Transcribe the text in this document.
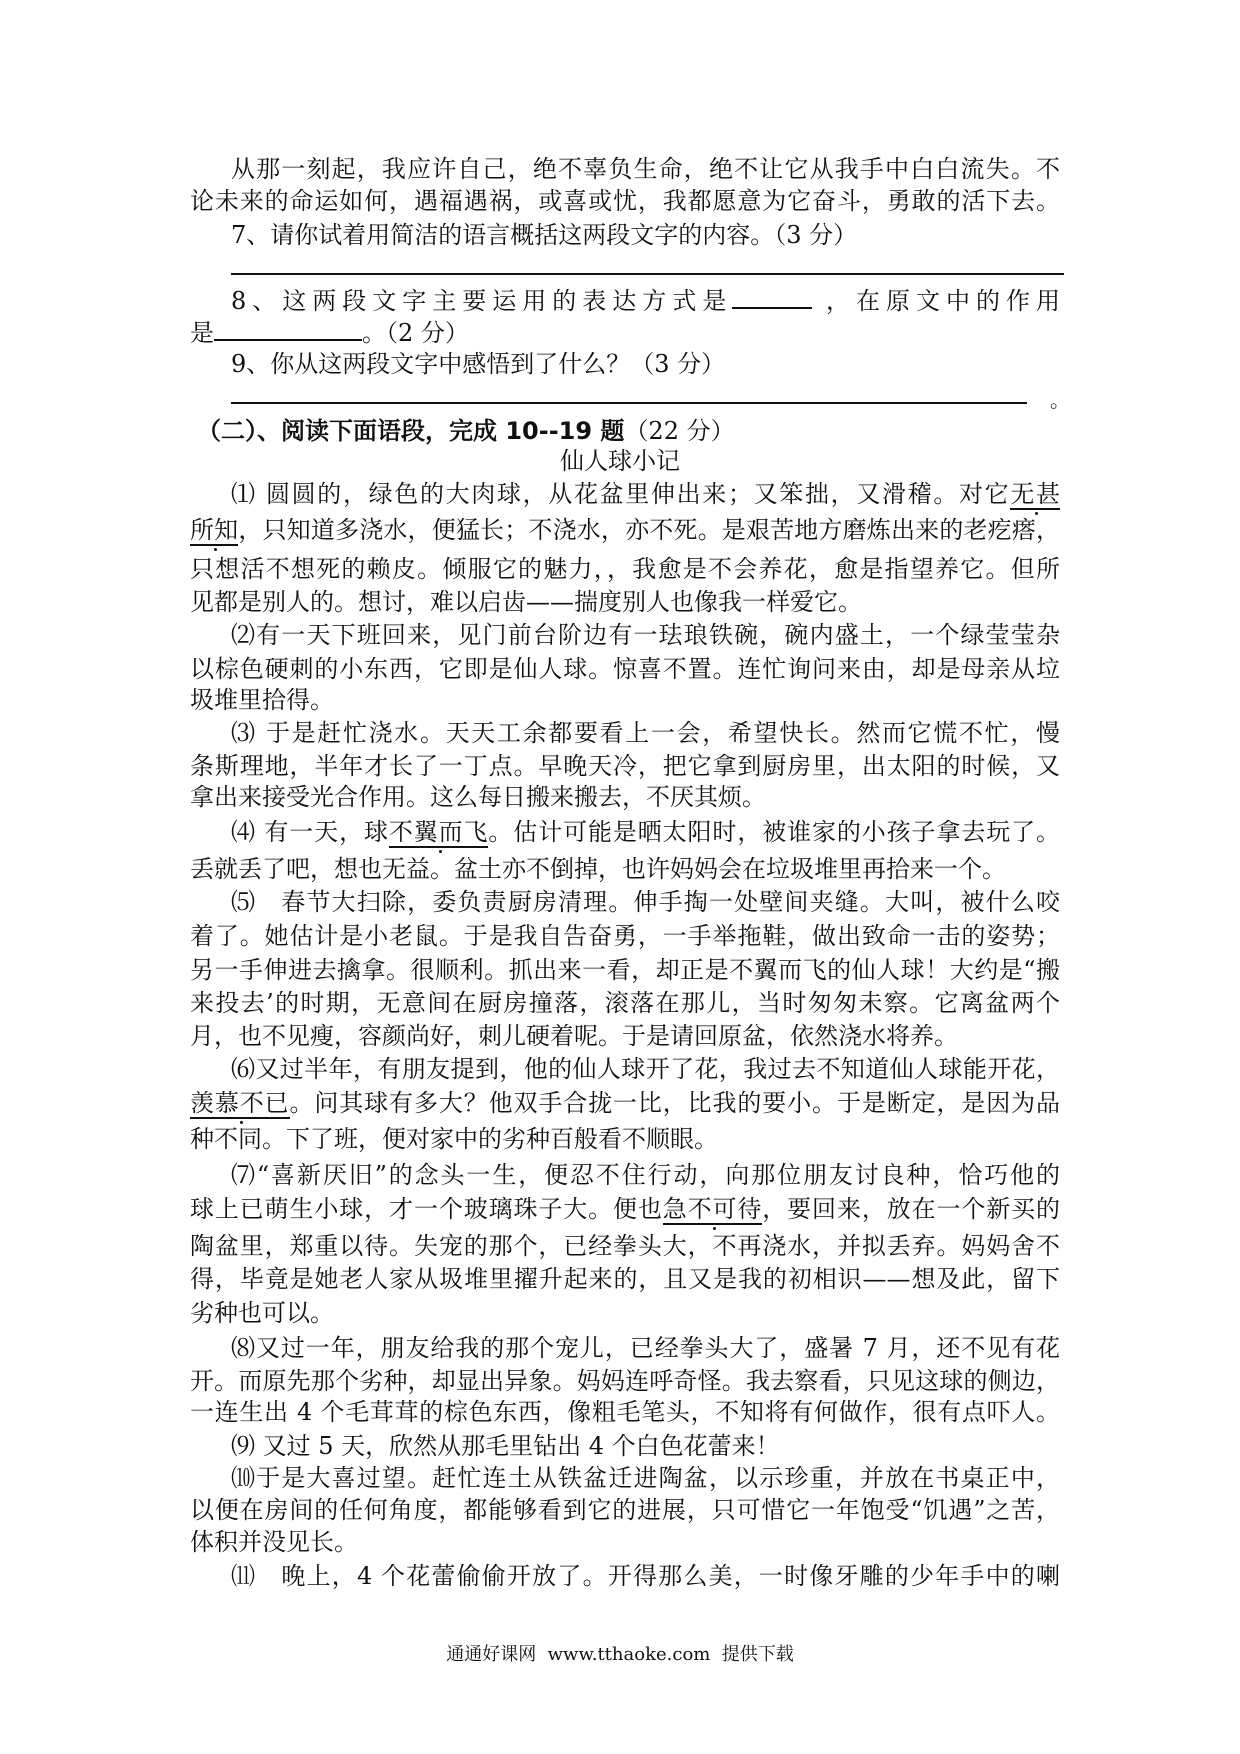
从那一刻起，我应许自己，绝不辜负生命，绝不让它从我手中白白流失。不
论未来的命运如何，遇福遇祸，或喜或忧，我都愿意为它奋斗，勇敢的活下去。
7、请你试着用简洁的语言概括这两段文字的内容。（3 分）
8、这两段文字主要运用的表达方式是	，在原文中的作用
是	。（2 分）
9、你从这两段文字中感悟到了什么？（3 分）
。
（二）、阅读下面语段，完成 10--19 题（22 分）
仙人球小记
⑴ 圆圆的，绿色的大肉球，从花盆里伸出来；又笨拙，又滑稽。对它无甚
所知，只知道多浇水，便猛长；不浇水，亦不死。是艰苦地方磨炼出来的老疙瘩，
只想活不想死的赖皮。倾服它的魅力，，我愈是不会养花，愈是指望养它。但所
见都是别人的。想讨，难以启齿——揣度别人也像我一样爱它。
⑵有一天下班回来，见门前台阶边有一珐琅铁碗，碗内盛土，一个绿莹莹杂
以棕色硬刺的小东西，它即是仙人球。惊喜不置。连忙询问来由，却是母亲从垃
圾堆里拾得。
⑶ 于是赶忙浇水。天天工余都要看上一会，希望快长。然而它慌不忙，慢
条斯理地，半年才长了一丁点。早晚天冷，把它拿到厨房里，出太阳的时候，又
拿出来接受光合作用。这么每日搬来搬去，不厌其烦。
⑷ 有一天，球不翼而飞。估计可能是晒太阳时，被谁家的小孩子拿去玩了。
丢就丢了吧，想也无益。盆土亦不倒掉，也许妈妈会在垃圾堆里再拾来一个。
⑸　春节大扫除，委负责厨房清理。伸手掏一处壁间夹缝。大叫，被什么咬
着了。她估计是小老鼠。于是我自告奋勇，一手举拖鞋，做出致命一击的姿势；
另一手伸进去擒拿。很顺利。抓出来一看，却正是不翼而飞的仙人球！大约是“搬
来投去’的时期，无意间在厨房撞落，滚落在那儿，当时匆匆未察。它离盆两个
月，也不见瘦，容颜尚好，刺儿硬着呢。于是请回原盆，依然浇水将养。
⑹又过半年，有朋友提到，他的仙人球开了花，我过去不知道仙人球能开花，
羡慕不已。问其球有多大？他双手合拢一比，比我的要小。于是断定，是因为品
种不同。下了班，便对家中的劣种百般看不顺眼。
⑺“喜新厌旧”的念头一生，便忍不住行动，向那位朋友讨良种，恰巧他的
球上已萌生小球，才一个玻璃珠子大。便也急不可待，要回来，放在一个新买的
陶盆里，郑重以待。失宠的那个，已经拳头大，不再浇水，并拟丢弃。妈妈舍不
得，毕竟是她老人家从圾堆里擢升起来的，且又是我的初相识——想及此，留下
劣种也可以。
⑻又过一年，朋友给我的那个宠儿，已经拳头大了，盛暑 7 月，还不见有花
开。而原先那个劣种，却显出异象。妈妈连呼奇怪。我去察看，只见这球的侧边，
一连生出 4 个毛茸茸的棕色东西，像粗毛笔头，不知将有何做作，很有点吓人。
⑼ 又过 5 天，欣然从那毛里钻出 4 个白色花蕾来！
⑽于是大喜过望。赶忙连土从铁盆迁进陶盆，以示珍重，并放在书桌正中，
以便在房间的任何角度，都能够看到它的进展，只可惜它一年饱受“饥遇”之苦，
体积并没见长。
⑾　晚上，4 个花蕾偷偷开放了。开得那么美，一时像牙雕的少年手中的喇
通通好课网  www.tthaoke.com  提供下载
